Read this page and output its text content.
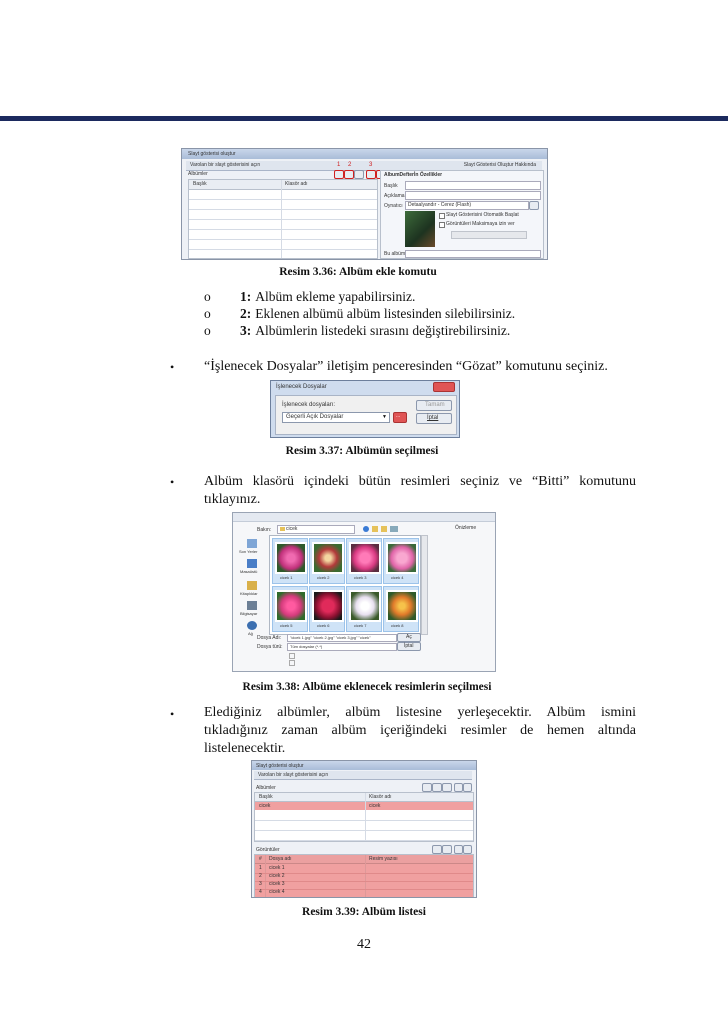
Slayt gösterisi oluştur
Varolan bir slayt gösterisini açın	Slayt Gösterisi Oluştur Hakkında
Albümler
1 2	3
Başlık	Klasör adı
AlbumDefterİn Özellikler
Başlık
Açıklama
Oynatıcı Detaalyandır - Cerez (Flash)
Slayt Gösterisini Otomatik Başlat
Görüntüleri Maksimaya izin ver
Bu albüm
Resim 3.36: Albüm ekle komutu
o 1: Albüm ekleme yapabilirsiniz.
o 2: Eklenen albümü albüm listesinden silebilirsiniz.
o 3: Albümlerin listedeki sırasını değiştirebilirsiniz.
• “İşlenecek Dosyalar” iletişim penceresinden “Gözat” komutunu seçiniz.
İşlenecek Dosyalar
İşlenecek dosyaları:
Geçerli Açık Dosyalar	▼ ...
Tamam
İptal
Resim 3.37: Albümün seçilmesi
• Albüm klasörü içindeki bütün resimleri seçiniz ve “Bitti” komutunu
tıklayınız.
Bakın:	cicek	Önizleme
Son Yerler
Masaüstü
Kitaplıklar
Bilgisayar
Ağ
cicek 1	cicek 2	cicek 3	cicek 4
cicek 5	cicek 6	cicek 7	cicek 8
Dosya Adı: "cicek 1.jpg" "cicek 2.jpg" "cicek 3.jpg" "cicek"
Dosya türü: Tüm dosyalar (*.*)
Aç
İptal
Resim 3.38: Albüme eklenecek resimlerin seçilmesi
• Elediğiniz albümler, albüm listesine yerleşecektir. Albüm ismini
tıkladığınız zaman albüm içeriğindeki resimler de hemen altında
listelenecektir.
Slayt gösterisi oluştur
Varolan bir slayt gösterisini açın
Albümler
Başlık	Klasör adı
cicek	cicek
Görüntüler
# Dosya adı	Resim yazısı
1 cicek 1
2 cicek 2
3 cicek 3
4 cicek 4
Resim 3.39: Albüm listesi
42
